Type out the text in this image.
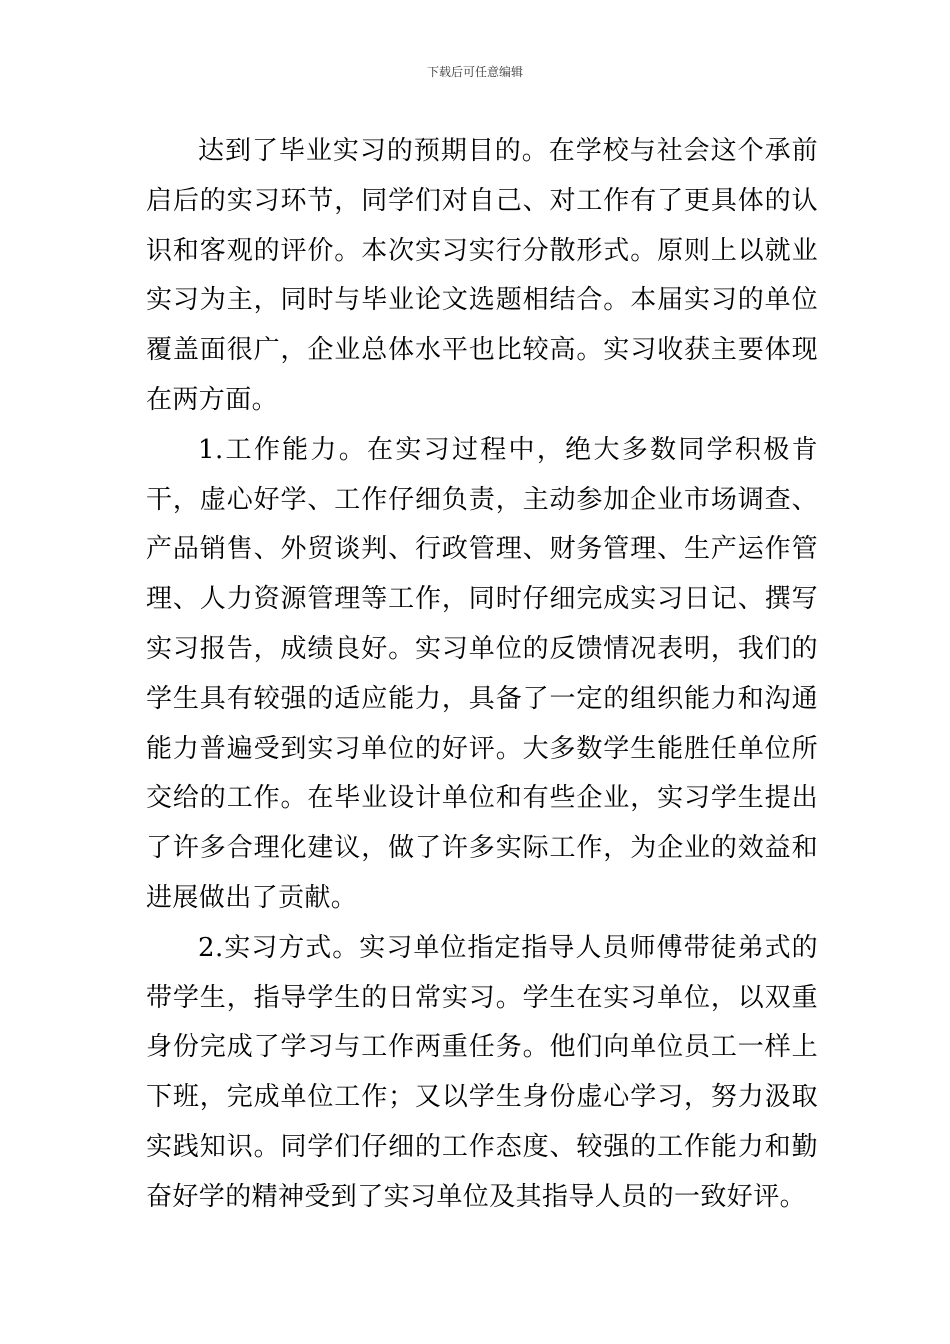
下载后可任意编辑

达到了毕业实习的预期目的。在学校与社会这个承前启后的实习环节，同学们对自己、对工作有了更具体的认识和客观的评价。本次实习实行分散形式。原则上以就业实习为主，同时与毕业论文选题相结合。本届实习的单位覆盖面很广，企业总体水平也比较高。实习收获主要体现在两方面。

1.工作能力。在实习过程中，绝大多数同学积极肯干，虚心好学、工作仔细负责，主动参加企业市场调查、产品销售、外贸谈判、行政管理、财务管理、生产运作管理、人力资源管理等工作，同时仔细完成实习日记、撰写实习报告，成绩良好。实习单位的反馈情况表明，我们的学生具有较强的适应能力，具备了一定的组织能力和沟通能力普遍受到实习单位的好评。大多数学生能胜任单位所交给的工作。在毕业设计单位和有些企业，实习学生提出了许多合理化建议，做了许多实际工作，为企业的效益和进展做出了贡献。

2.实习方式。实习单位指定指导人员师傅带徒弟式的带学生，指导学生的日常实习。学生在实习单位，以双重身份完成了学习与工作两重任务。他们向单位员工一样上下班，完成单位工作；又以学生身份虚心学习，努力汲取实践知识。同学们仔细的工作态度、较强的工作能力和勤奋好学的精神受到了实习单位及其指导人员的一致好评。
